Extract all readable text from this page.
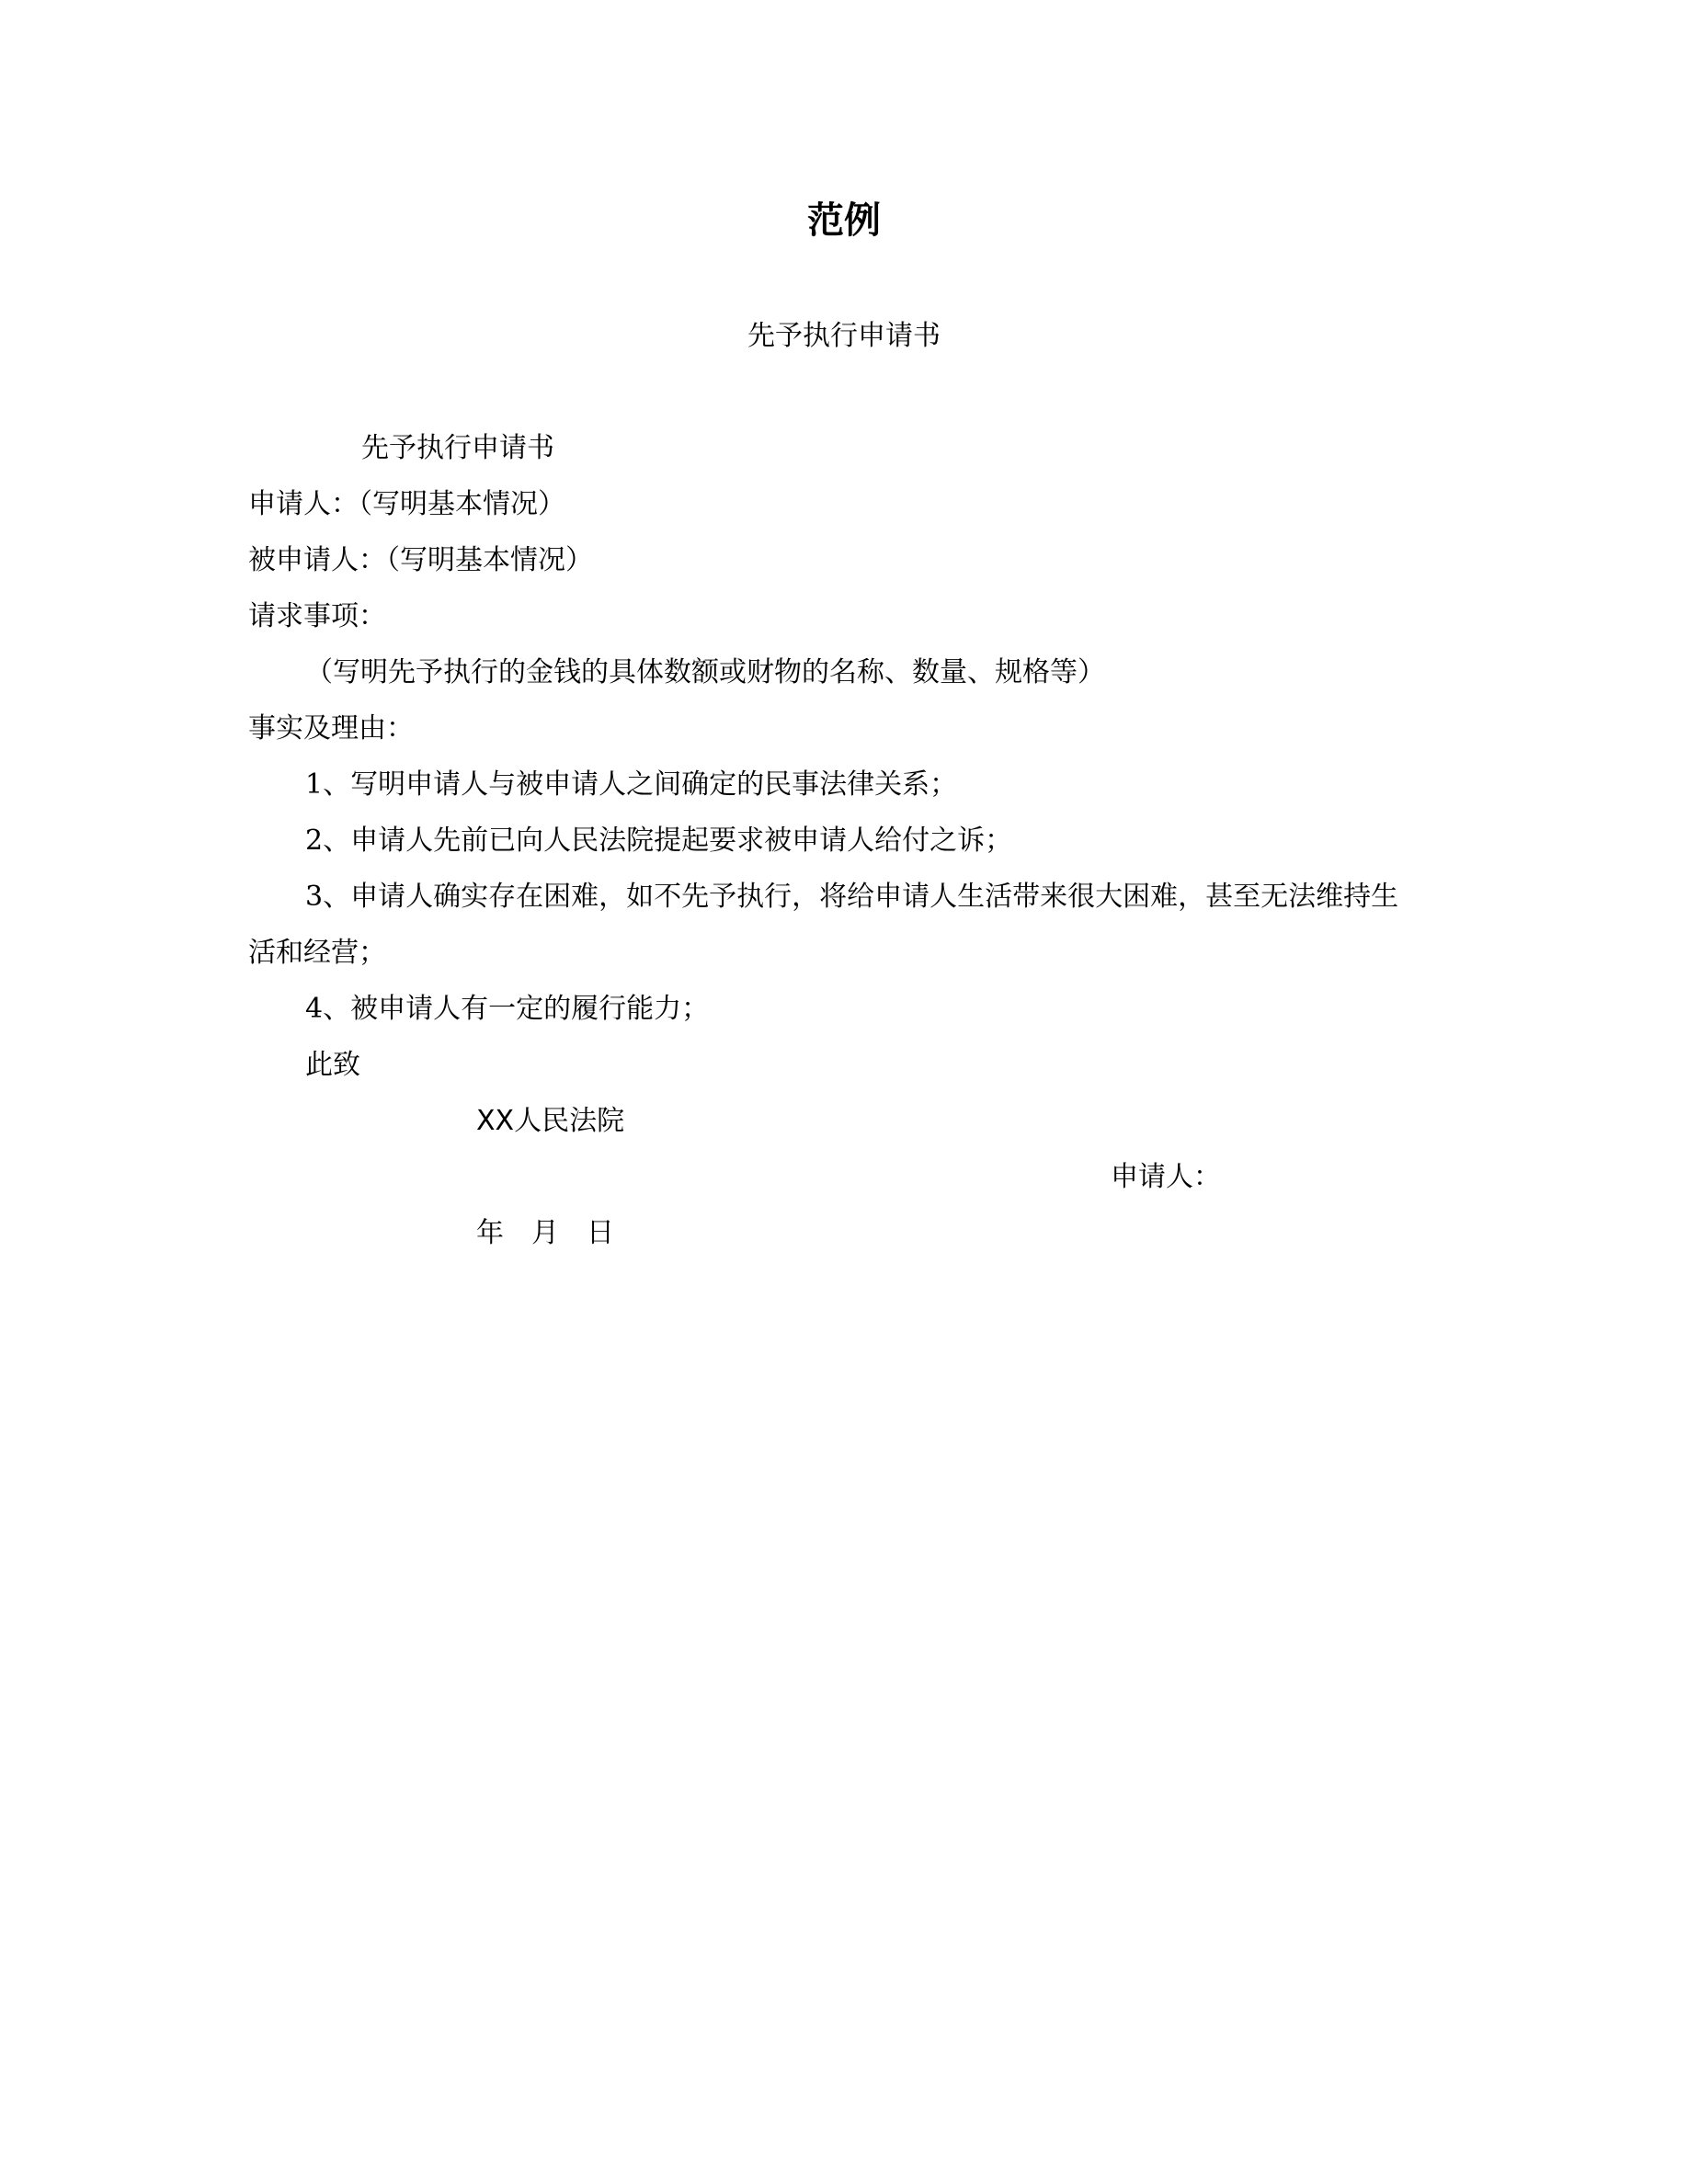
范例
先予执行申请书
先予执行申请书
申请人：（写明基本情况）
被申请人：（写明基本情况）
请求事项：
（写明先予执行的金钱的具体数额或财物的名称、数量、规格等）
事实及理由：
1、写明申请人与被申请人之间确定的民事法律关系；
2、申请人先前已向人民法院提起要求被申请人给付之诉；
3、申请人确实存在困难，如不先予执行，将给申请人生活带来很大困难，甚至无法维持生
活和经营；
4、被申请人有一定的履行能力；
此致
XX人民法院
申请人：
年　月　日
